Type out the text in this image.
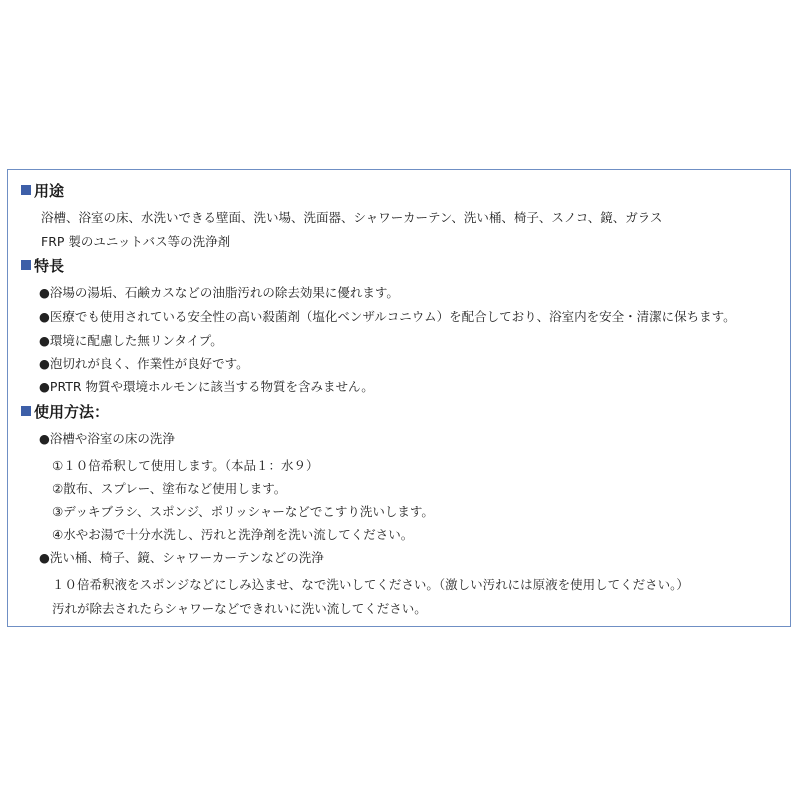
用途
浴槽、浴室の床、水洗いできる壁面、洗い場、洗面器、シャワーカーテン、洗い桶、椅子、スノコ、鏡、ガラス
FRP 製のユニットバス等の洗浄剤
特長
●浴場の湯垢、石鹸カスなどの油脂汚れの除去効果に優れます。
●医療でも使用されている安全性の高い殺菌剤（塩化ベンザルコニウム）を配合しており、浴室内を安全・清潔に保ちます。
●環境に配慮した無リンタイプ。
●泡切れが良く、作業性が良好です。
●PRTR 物質や環境ホルモンに該当する物質を含みません。
使用方法：
●浴槽や浴室の床の洗浄
①１０倍希釈して使用します。（本品１：水９）
②散布、スプレー、塗布など使用します。
③デッキブラシ、スポンジ、ポリッシャーなどでこすり洗いします。
④水やお湯で十分水洗し、汚れと洗浄剤を洗い流してください。
●洗い桶、椅子、鏡、シャワーカーテンなどの洗浄
１０倍希釈液をスポンジなどにしみ込ませ、なで洗いしてください。（激しい汚れには原液を使用してください。）
汚れが除去されたらシャワーなどできれいに洗い流してください。
